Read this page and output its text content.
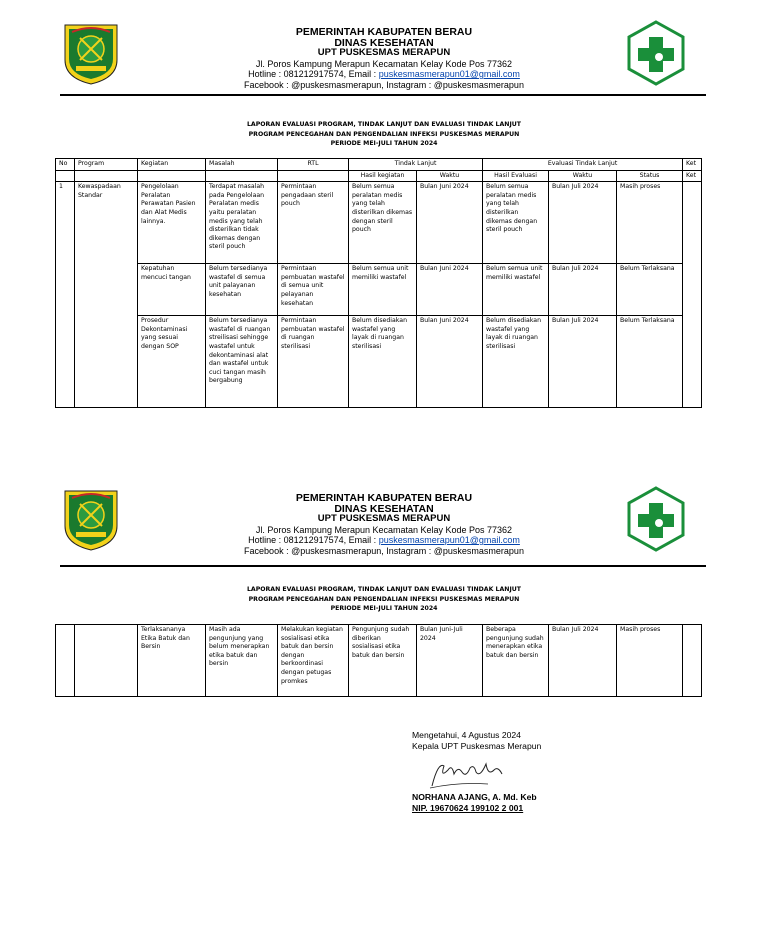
PEMERINTAH KABUPATEN BERAU
DINAS KESEHATAN
UPT PUSKESMAS MERAPUN
Jl. Poros Kampung Merapun Kecamatan Kelay Kode Pos 77362
Hotline : 081212917574, Email : puskesmasmerapun01@gmail.com
Facebook : @puskesmasmerapun, Instagram : @puskesmasmerapun
LAPORAN EVALUASI PROGRAM, TINDAK LANJUT DAN EVALUASI TINDAK LANJUT
PROGRAM PENCEGAHAN DAN PENGENDALIAN INFEKSI PUSKESMAS MERAPUN
PERIODE MEI-JULI TAHUN 2024
No	Program	Kegiatan	Masalah	RTL	Tindak Lanjut		Evaluasi Tindak Lanjut			Ket
					Hasil kegiatan	Waktu	Hasil Evaluasi	Waktu	Status	Ket
1	Kewaspadaan Standar	Pengelolaan Peralatan Perawatan Pasien dan Alat Medis lainnya.	Terdapat masalah pada Pengelolaan Peralatan medis yaitu peralatan medis yang telah disterilkan tidak dikemas dengan steril pouch	Permintaan pengadaan steril pouch	Belum semua peralatan medis yang telah disterilkan dikemas dengan steril pouch	Bulan Juni 2024	Belum semua peralatan medis yang telah disterilkan dikemas dengan steril pouch	Bulan Juli 2024	Masih proses	
		Kepatuhan mencuci tangan	Belum tersedianya wastafel di semua unit palayanan kesehatan	Permintaan pembuatan wastafel di semua unit pelayanan kesehatan	Belum semua unit memiliki wastafel	Bulan Juni 2024	Belum semua unit memiliki wastafel	Bulan Juli 2024	Belum Terlaksana	
		Prosedur Dekontaminasi yang sesuai dengan SOP	Belum tersedianya wastafel di ruangan streilisasi sehingge wastafel untuk dekontaminasi alat dan wastafel untuk cuci tangan masih bergabung	Permintaan pembuatan wastafel di ruangan sterilisasi	Belum disediakan wastafel yang layak di ruangan sterilisasi	Bulan Juni 2024	Belum disediakan wastafel yang layak di ruangan sterilisasi	Bulan Juli 2024	Belum Terlaksana	
PEMERINTAH KABUPATEN BERAU
DINAS KESEHATAN
UPT PUSKESMAS MERAPUN
Jl. Poros Kampung Merapun Kecamatan Kelay Kode Pos 77362
Hotline : 081212917574, Email : puskesmasmerapun01@gmail.com
Facebook : @puskesmasmerapun, Instagram : @puskesmasmerapun
LAPORAN EVALUASI PROGRAM, TINDAK LANJUT DAN EVALUASI TINDAK LANJUT
PROGRAM PENCEGAHAN DAN PENGENDALIAN INFEKSI PUSKESMAS MERAPUN
PERIODE MEI-JULI TAHUN 2024
		Terlaksananya Etika Batuk dan Bersin	Masih ada pengunjung yang belum menerapkan etika batuk dan bersin	Melakukan kegiatan sosialisasi etika batuk dan bersin dengan berkoordinasi dengan petugas promkes	Pengunjung sudah diberikan sosialisasi etika batuk dan bersin	Bulan Juni-Juli 2024	Beberapa pengunjung sudah menerapkan etika batuk dan bersin	Bulan Juli 2024	Masih proses	
Mengetahui, 4 Agustus 2024
Kepala UPT Puskesmas Merapun
NORHANA AJANG, A. Md. Keb
NIP. 19670624 199102 2 001
